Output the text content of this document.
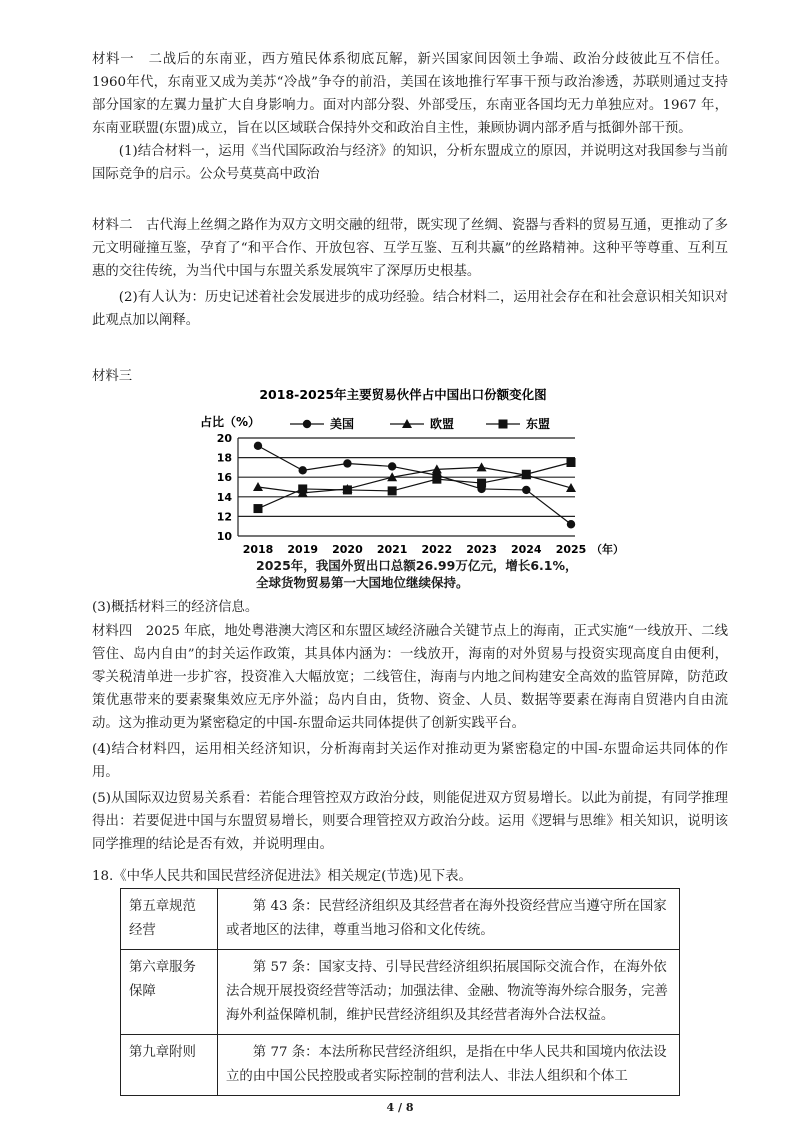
材料一　二战后的东南亚，西方殖民体系彻底瓦解，新兴国家间因领土争端、政治分歧彼此互不信任。1960年代，东南亚又成为美苏“冷战”争夺的前沿，美国在该地推行军事干预与政治渗透，苏联则通过支持部分国家的左翼力量扩大自身影响力。面对内部分裂、外部受压，东南亚各国均无力单独应对。1967 年，东南亚联盟(东盟)成立，旨在以区域联合保持外交和政治自主性，兼顾协调内部矛盾与抵御外部干预。

(1)结合材料一，运用《当代国际政治与经济》的知识，分析东盟成立的原因，并说明这对我国参与当前国际竞争的启示。公众号莫莫高中政治

材料二　古代海上丝绸之路作为双方文明交融的纽带，既实现了丝绸、瓷器与香料的贸易互通，更推动了多元文明碰撞互鉴，孕育了“和平合作、开放包容、互学互鉴、互利共赢”的丝路精神。这种平等尊重、互利互惠的交往传统，为当代中国与东盟关系发展筑牢了深厚历史根基。

(2)有人认为：历史记述着社会发展进步的成功经验。结合材料二，运用社会存在和社会意识相关知识对此观点加以阐释。

材料三
2018-2025年主要贸易伙伴占中国出口份额变化图
占比（%）	美国	欧盟	东盟
20
18
16
14
12
10
2018 2019 2020 2021 2022 2023 2024 2025 （年）
2025年，我国外贸出口总额26.99万亿元，增长6.1%，
全球货物贸易第一大国地位继续保持。

(3)概括材料三的经济信息。

材料四　2025 年底，地处粤港澳大湾区和东盟区域经济融合关键节点上的海南，正式实施“一线放开、二线管住、岛内自由”的封关运作政策，其具体内涵为：一线放开，海南的对外贸易与投资实现高度自由便利，零关税清单进一步扩容，投资准入大幅放宽；二线管住，海南与内地之间构建安全高效的监管屏障，防范政策优惠带来的要素聚集效应无序外溢；岛内自由，货物、资金、人员、数据等要素在海南自贸港内自由流动。这为推动更为紧密稳定的中国-东盟命运共同体提供了创新实践平台。

(4)结合材料四，运用相关经济知识，分析海南封关运作对推动更为紧密稳定的中国-东盟命运共同体的作用。

(5)从国际双边贸易关系看：若能合理管控双方政治分歧，则能促进双方贸易增长。以此为前提，有同学推理得出：若要促进中国与东盟贸易增长，则要合理管控双方政治分歧。运用《逻辑与思维》相关知识，说明该同学推理的结论是否有效，并说明理由。

18.《中华人民共和国民营经济促进法》相关规定(节选)见下表。
第五章规范经营	第 43 条：民营经济组织及其经营者在海外投资经营应当遵守所在国家或者地区的法律，尊重当地习俗和文化传统。
第六章服务保障	第 57 条：国家支持、引导民营经济组织拓展国际交流合作，在海外依法合规开展投资经营等活动；加强法律、金融、物流等海外综合服务，完善海外利益保障机制，维护民营经济组织及其经营者海外合法权益。
第九章附则	第 77 条：本法所称民营经济组织，是指在中华人民共和国境内依法设立的由中国公民控股或者实际控制的营利法人、非法人组织和个体工
4 / 8
